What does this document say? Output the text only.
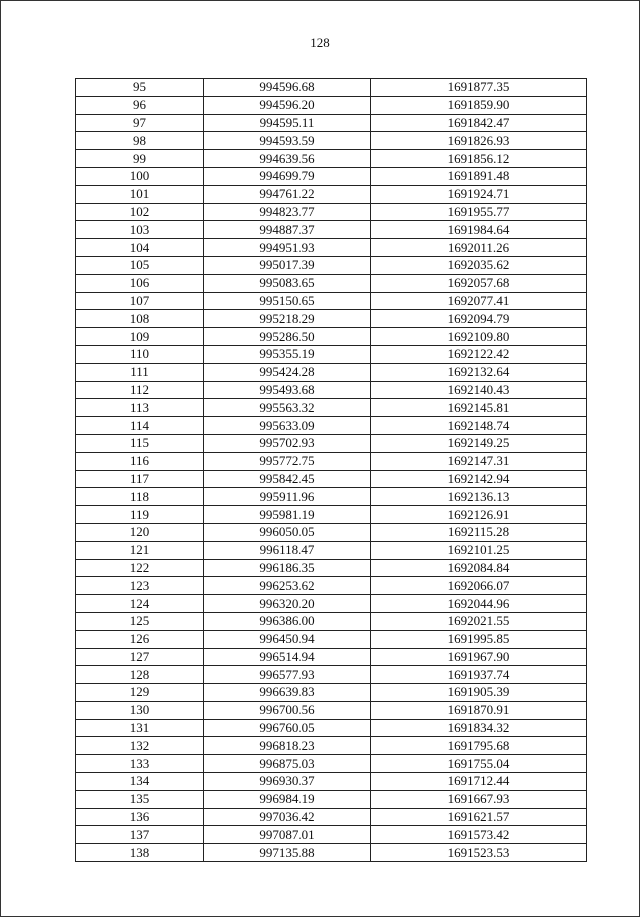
128
95	994596.68	1691877.35
96	994596.20	1691859.90
97	994595.11	1691842.47
98	994593.59	1691826.93
99	994639.56	1691856.12
100	994699.79	1691891.48
101	994761.22	1691924.71
102	994823.77	1691955.77
103	994887.37	1691984.64
104	994951.93	1692011.26
105	995017.39	1692035.62
106	995083.65	1692057.68
107	995150.65	1692077.41
108	995218.29	1692094.79
109	995286.50	1692109.80
110	995355.19	1692122.42
111	995424.28	1692132.64
112	995493.68	1692140.43
113	995563.32	1692145.81
114	995633.09	1692148.74
115	995702.93	1692149.25
116	995772.75	1692147.31
117	995842.45	1692142.94
118	995911.96	1692136.13
119	995981.19	1692126.91
120	996050.05	1692115.28
121	996118.47	1692101.25
122	996186.35	1692084.84
123	996253.62	1692066.07
124	996320.20	1692044.96
125	996386.00	1692021.55
126	996450.94	1691995.85
127	996514.94	1691967.90
128	996577.93	1691937.74
129	996639.83	1691905.39
130	996700.56	1691870.91
131	996760.05	1691834.32
132	996818.23	1691795.68
133	996875.03	1691755.04
134	996930.37	1691712.44
135	996984.19	1691667.93
136	997036.42	1691621.57
137	997087.01	1691573.42
138	997135.88	1691523.53
